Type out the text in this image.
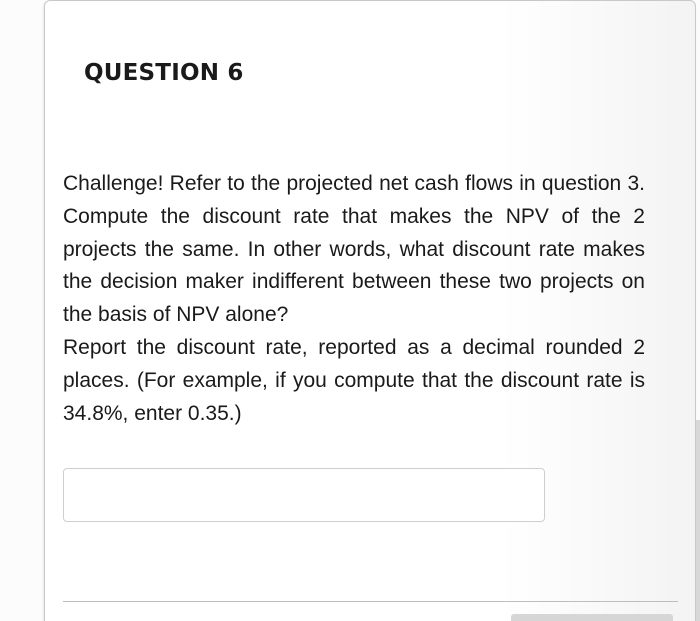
QUESTION 6

Challenge! Refer to the projected net cash flows in question 3. Compute the discount rate that makes the NPV of the 2 projects the same. In other words, what discount rate makes the decision maker indifferent between these two projects on the basis of NPV alone?
Report the discount rate, reported as a decimal rounded 2 places. (For example, if you compute that the discount rate is 34.8%, enter 0.35.)
